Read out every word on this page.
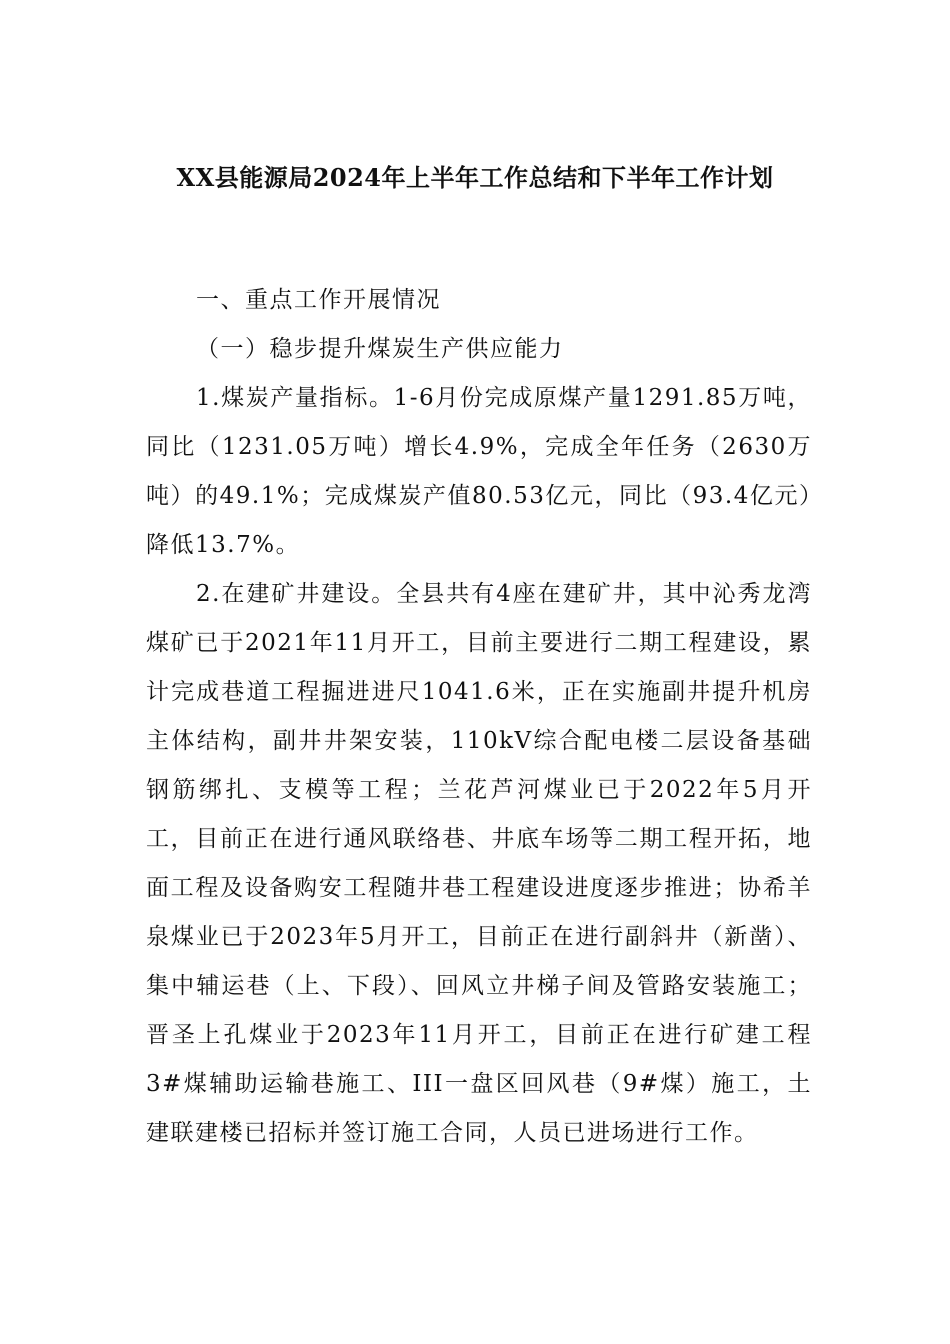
XX县能源局2024年上半年工作总结和下半年工作计划

一、重点工作开展情况

（一）稳步提升煤炭生产供应能力

1.煤炭产量指标。1-6月份完成原煤产量1291.85万吨，同比（1231.05万吨）增长4.9%，完成全年任务（2630万吨）的49.1%；完成煤炭产值80.53亿元，同比（93.4亿元）降低13.7%。

2.在建矿井建设。全县共有4座在建矿井，其中沁秀龙湾煤矿已于2021年11月开工，目前主要进行二期工程建设，累计完成巷道工程掘进进尺1041.6米，正在实施副井提升机房主体结构，副井井架安装，110kV综合配电楼二层设备基础钢筋绑扎、支模等工程；兰花芦河煤业已于2022年5月开工，目前正在进行通风联络巷、井底车场等二期工程开拓，地面工程及设备购安工程随井巷工程建设进度逐步推进；协希羊泉煤业已于2023年5月开工，目前正在进行副斜井（新凿）、集中辅运巷（上、下段）、回风立井梯子间及管路安装施工；晋圣上孔煤业于2023年11月开工，目前正在进行矿建工程3#煤辅助运输巷施工、III一盘区回风巷（9#煤）施工，土建联建楼已招标并签订施工合同，人员已进场进行工作。
